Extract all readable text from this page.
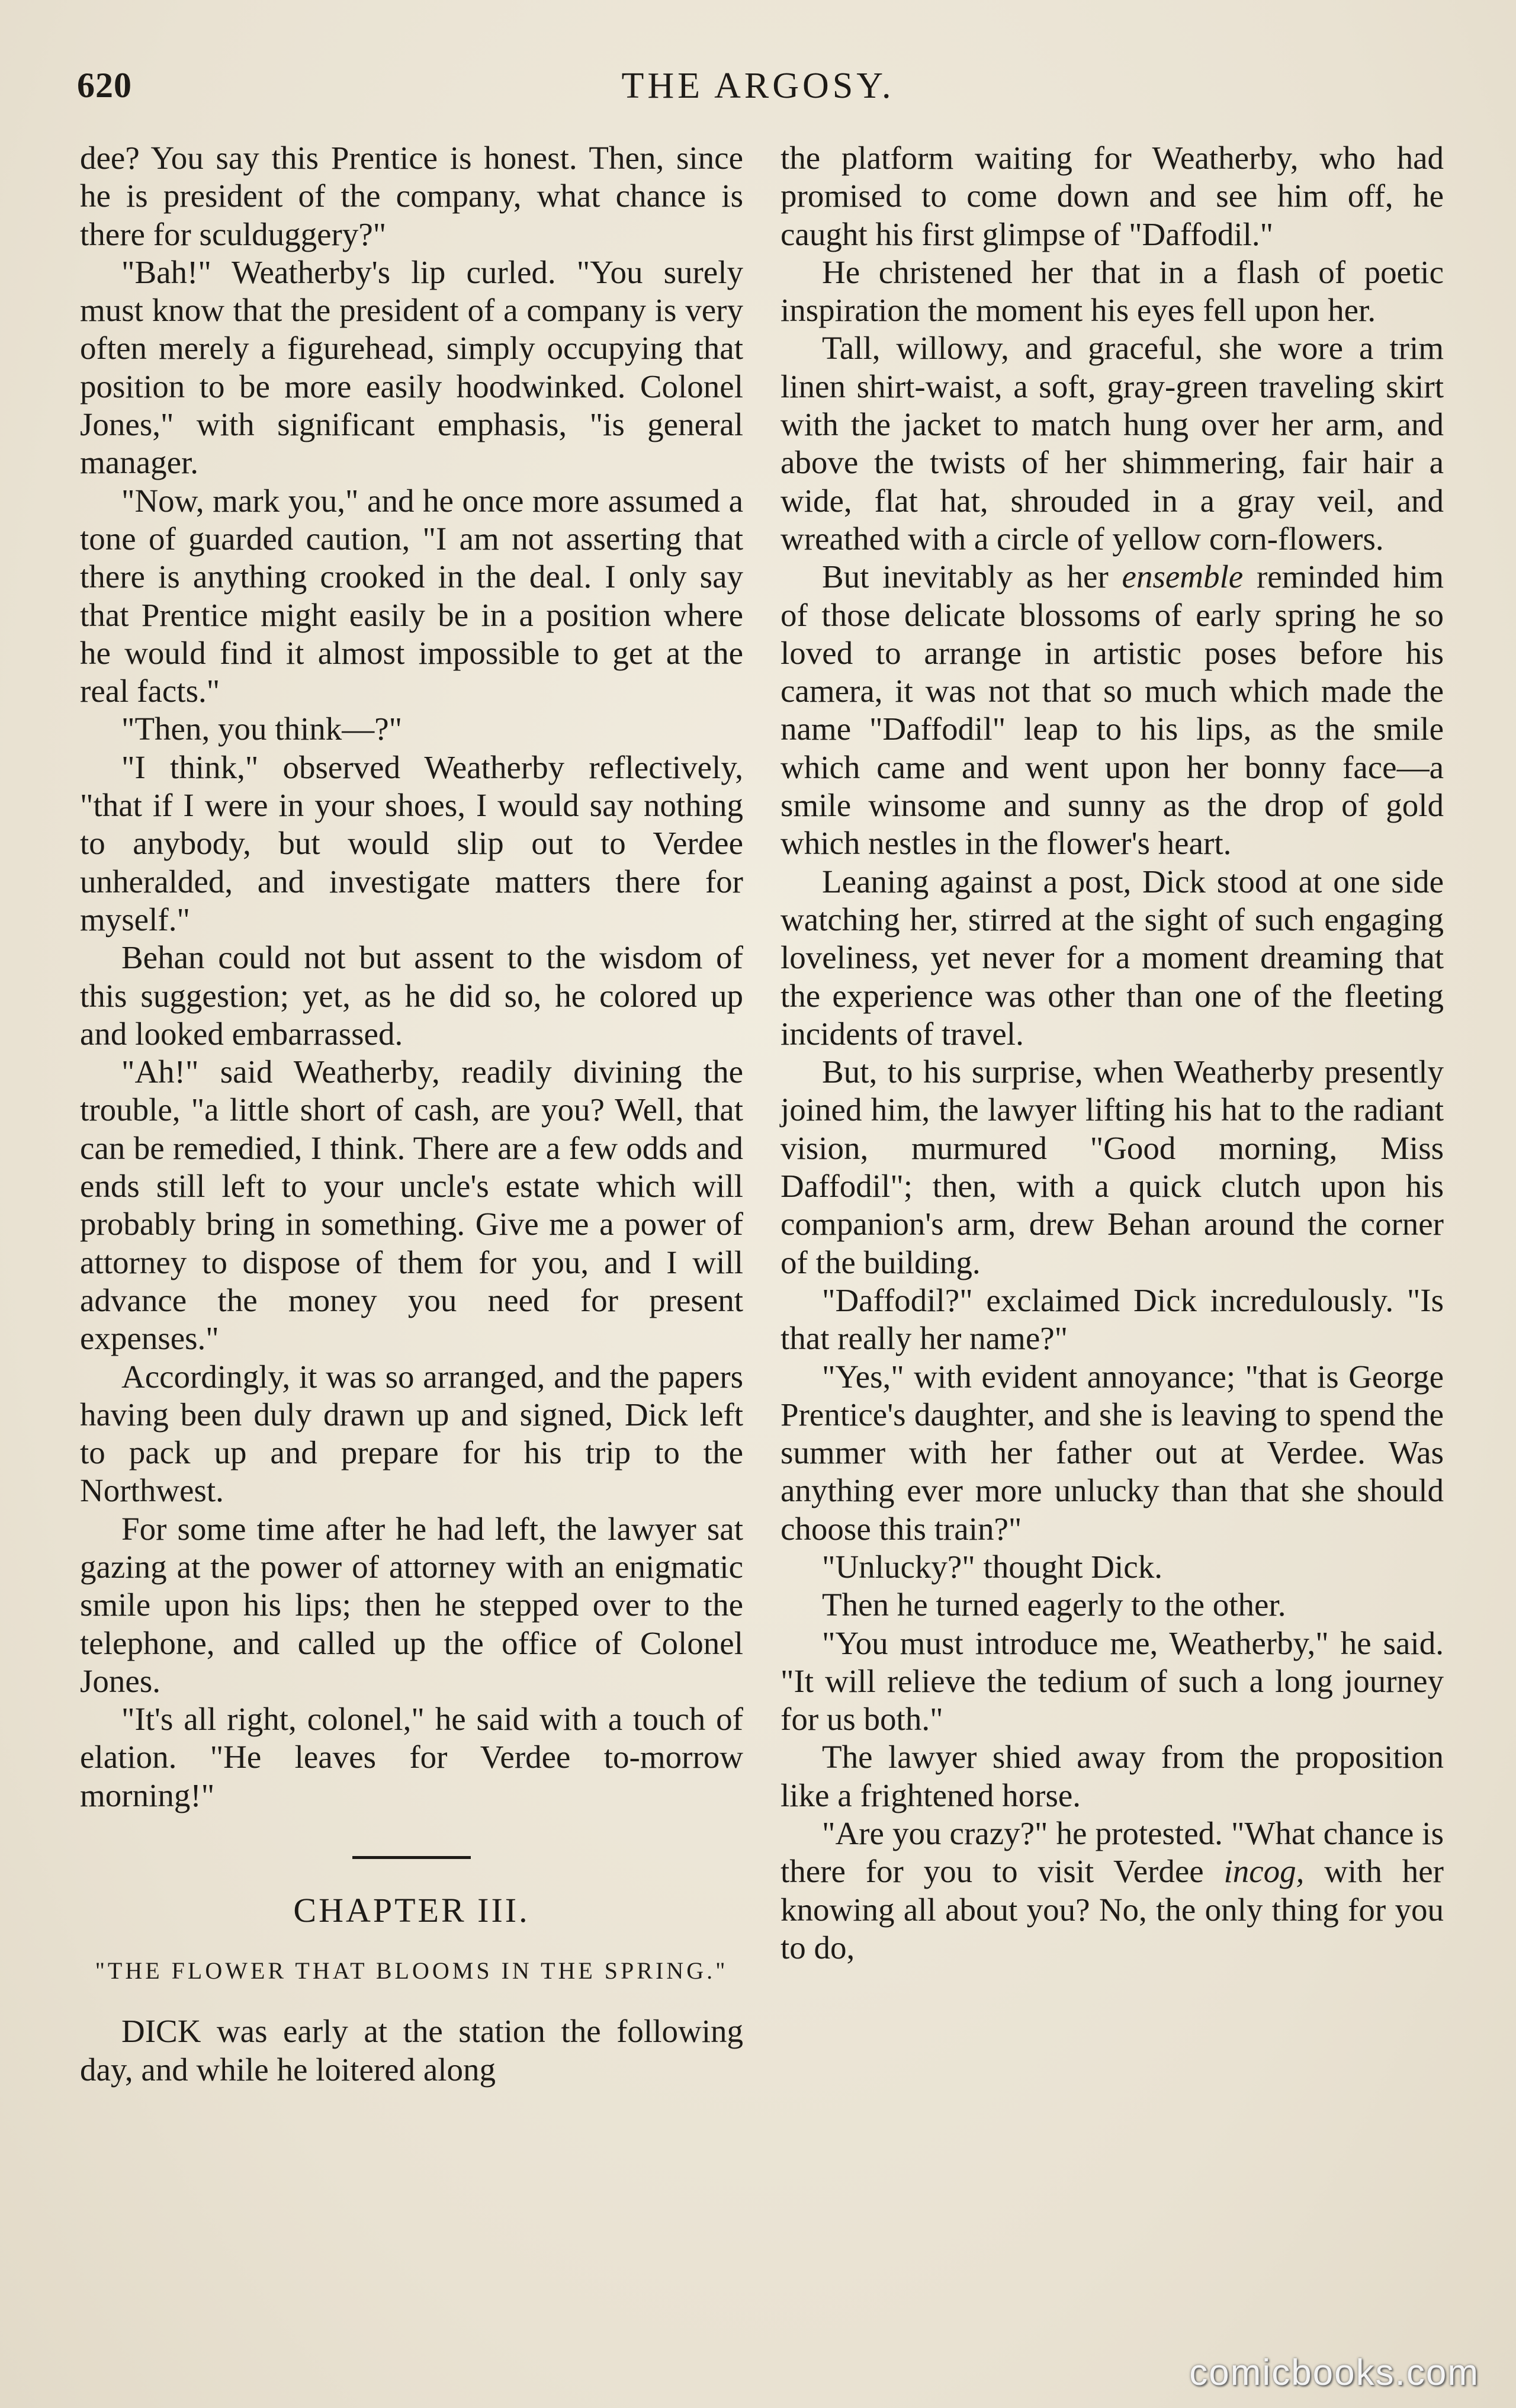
620	THE ARGOSY.

dee? You say this Prentice is honest. Then, since he is president of the company, what chance is there for sculduggery?"

"Bah!" Weatherby's lip curled. "You surely must know that the president of a company is very often merely a figurehead, simply occupying that position to be more easily hoodwinked. Colonel Jones," with significant emphasis, "is general manager.

"Now, mark you," and he once more assumed a tone of guarded caution, "I am not asserting that there is anything crooked in the deal. I only say that Prentice might easily be in a position where he would find it almost impossible to get at the real facts."

"Then, you think—?"

"I think," observed Weatherby reflectively, "that if I were in your shoes, I would say nothing to anybody, but would slip out to Verdee unheralded, and investigate matters there for myself."

Behan could not but assent to the wisdom of this suggestion; yet, as he did so, he colored up and looked embarrassed.

"Ah!" said Weatherby, readily divining the trouble, "a little short of cash, are you? Well, that can be remedied, I think. There are a few odds and ends still left to your uncle's estate which will probably bring in something. Give me a power of attorney to dispose of them for you, and I will advance the money you need for present expenses."

Accordingly, it was so arranged, and the papers having been duly drawn up and signed, Dick left to pack up and prepare for his trip to the Northwest.

For some time after he had left, the lawyer sat gazing at the power of attorney with an enigmatic smile upon his lips; then he stepped over to the telephone, and called up the office of Colonel Jones.

"It's all right, colonel," he said with a touch of elation. "He leaves for Verdee to-morrow morning!"

CHAPTER III.
"THE FLOWER THAT BLOOMS IN THE SPRING."

DICK was early at the station the following day, and while he loitered along

the platform waiting for Weatherby, who had promised to come down and see him off, he caught his first glimpse of "Daffodil."

He christened her that in a flash of poetic inspiration the moment his eyes fell upon her.

Tall, willowy, and graceful, she wore a trim linen shirt-waist, a soft, gray-green traveling skirt with the jacket to match hung over her arm, and above the twists of her shimmering, fair hair a wide, flat hat, shrouded in a gray veil, and wreathed with a circle of yellow corn-flowers.

But inevitably as her ensemble reminded him of those delicate blossoms of early spring he so loved to arrange in artistic poses before his camera, it was not that so much which made the name "Daffodil" leap to his lips, as the smile which came and went upon her bonny face—a smile winsome and sunny as the drop of gold which nestles in the flower's heart.

Leaning against a post, Dick stood at one side watching her, stirred at the sight of such engaging loveliness, yet never for a moment dreaming that the experience was other than one of the fleeting incidents of travel.

But, to his surprise, when Weatherby presently joined him, the lawyer lifting his hat to the radiant vision, murmured "Good morning, Miss Daffodil"; then, with a quick clutch upon his companion's arm, drew Behan around the corner of the building.

"Daffodil?" exclaimed Dick incredulously. "Is that really her name?"

"Yes," with evident annoyance; "that is George Prentice's daughter, and she is leaving to spend the summer with her father out at Verdee. Was anything ever more unlucky than that she should choose this train?"

"Unlucky?" thought Dick.

Then he turned eagerly to the other.

"You must introduce me, Weatherby," he said. "It will relieve the tedium of such a long journey for us both."

The lawyer shied away from the proposition like a frightened horse.

"Are you crazy?" he protested. "What chance is there for you to visit Verdee incog, with her knowing all about you? No, the only thing for you to do,

comicbooks.com
